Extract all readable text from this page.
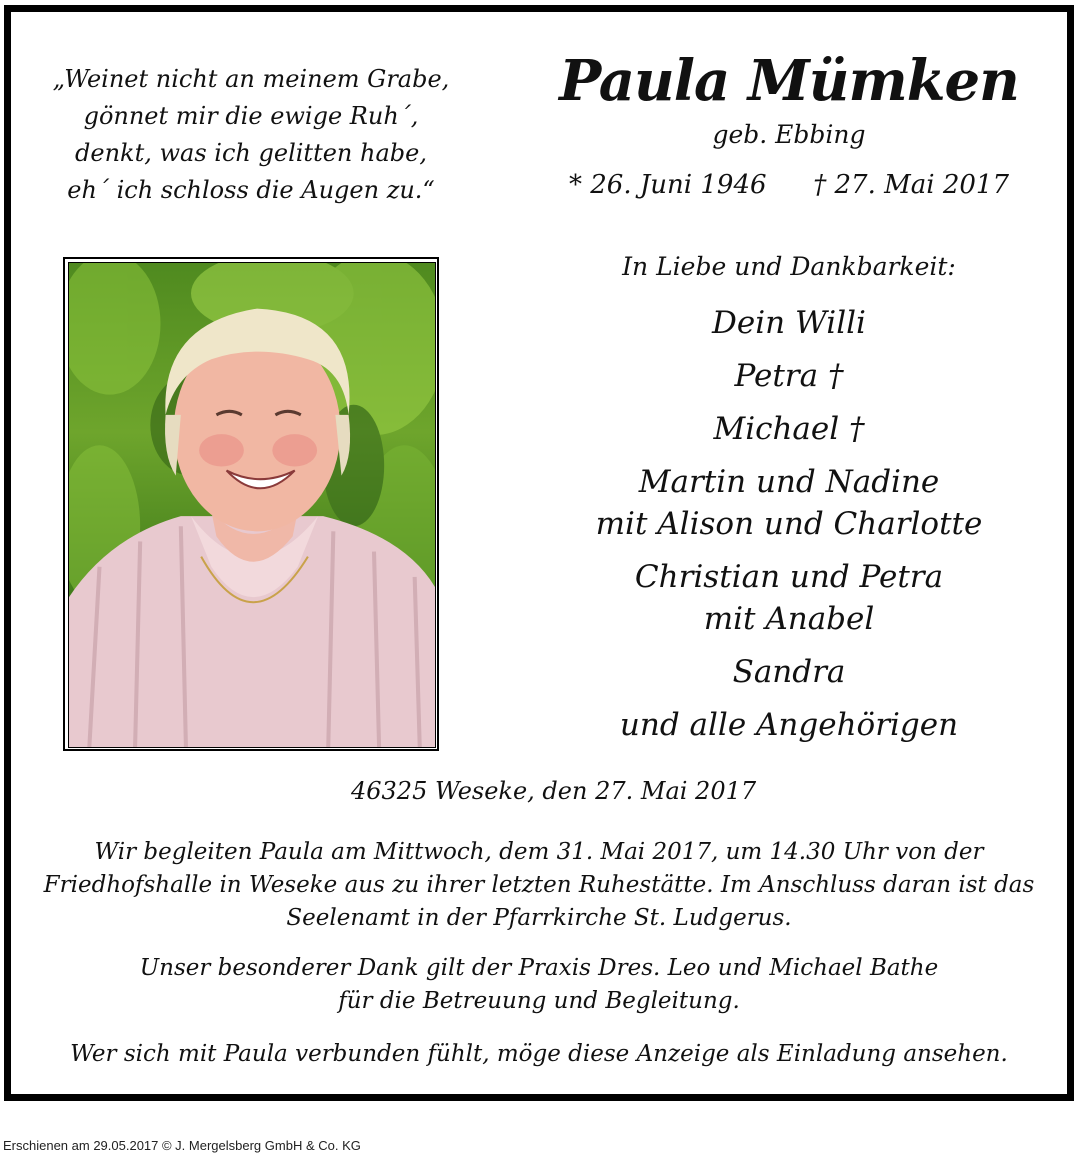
„Weinet nicht an meinem Grabe,
gönnet mir die ewige Ruh´,
denkt, was ich gelitten habe,
eh´ ich schloss die Augen zu.“
Paula Mümken
geb. Ebbing
* 26. Juni 1946 † 27. Mai 2017
In Liebe und Dankbarkeit:
Dein Willi
Petra †
Michael †
Martin und Nadine
mit Alison und Charlotte
Christian und Petra
mit Anabel
Sandra
und alle Angehörigen
46325 Weseke, den 27. Mai 2017
Wir begleiten Paula am Mittwoch, dem 31. Mai 2017, um 14.30 Uhr von der
Friedhofshalle in Weseke aus zu ihrer letzten Ruhestätte. Im Anschluss daran ist das
Seelenamt in der Pfarrkirche St. Ludgerus.
Unser besonderer Dank gilt der Praxis Dres. Leo und Michael Bathe
für die Betreuung und Begleitung.
Wer sich mit Paula verbunden fühlt, möge diese Anzeige als Einladung ansehen.
Erschienen am 29.05.2017 © J. Mergelsberg GmbH & Co. KG
